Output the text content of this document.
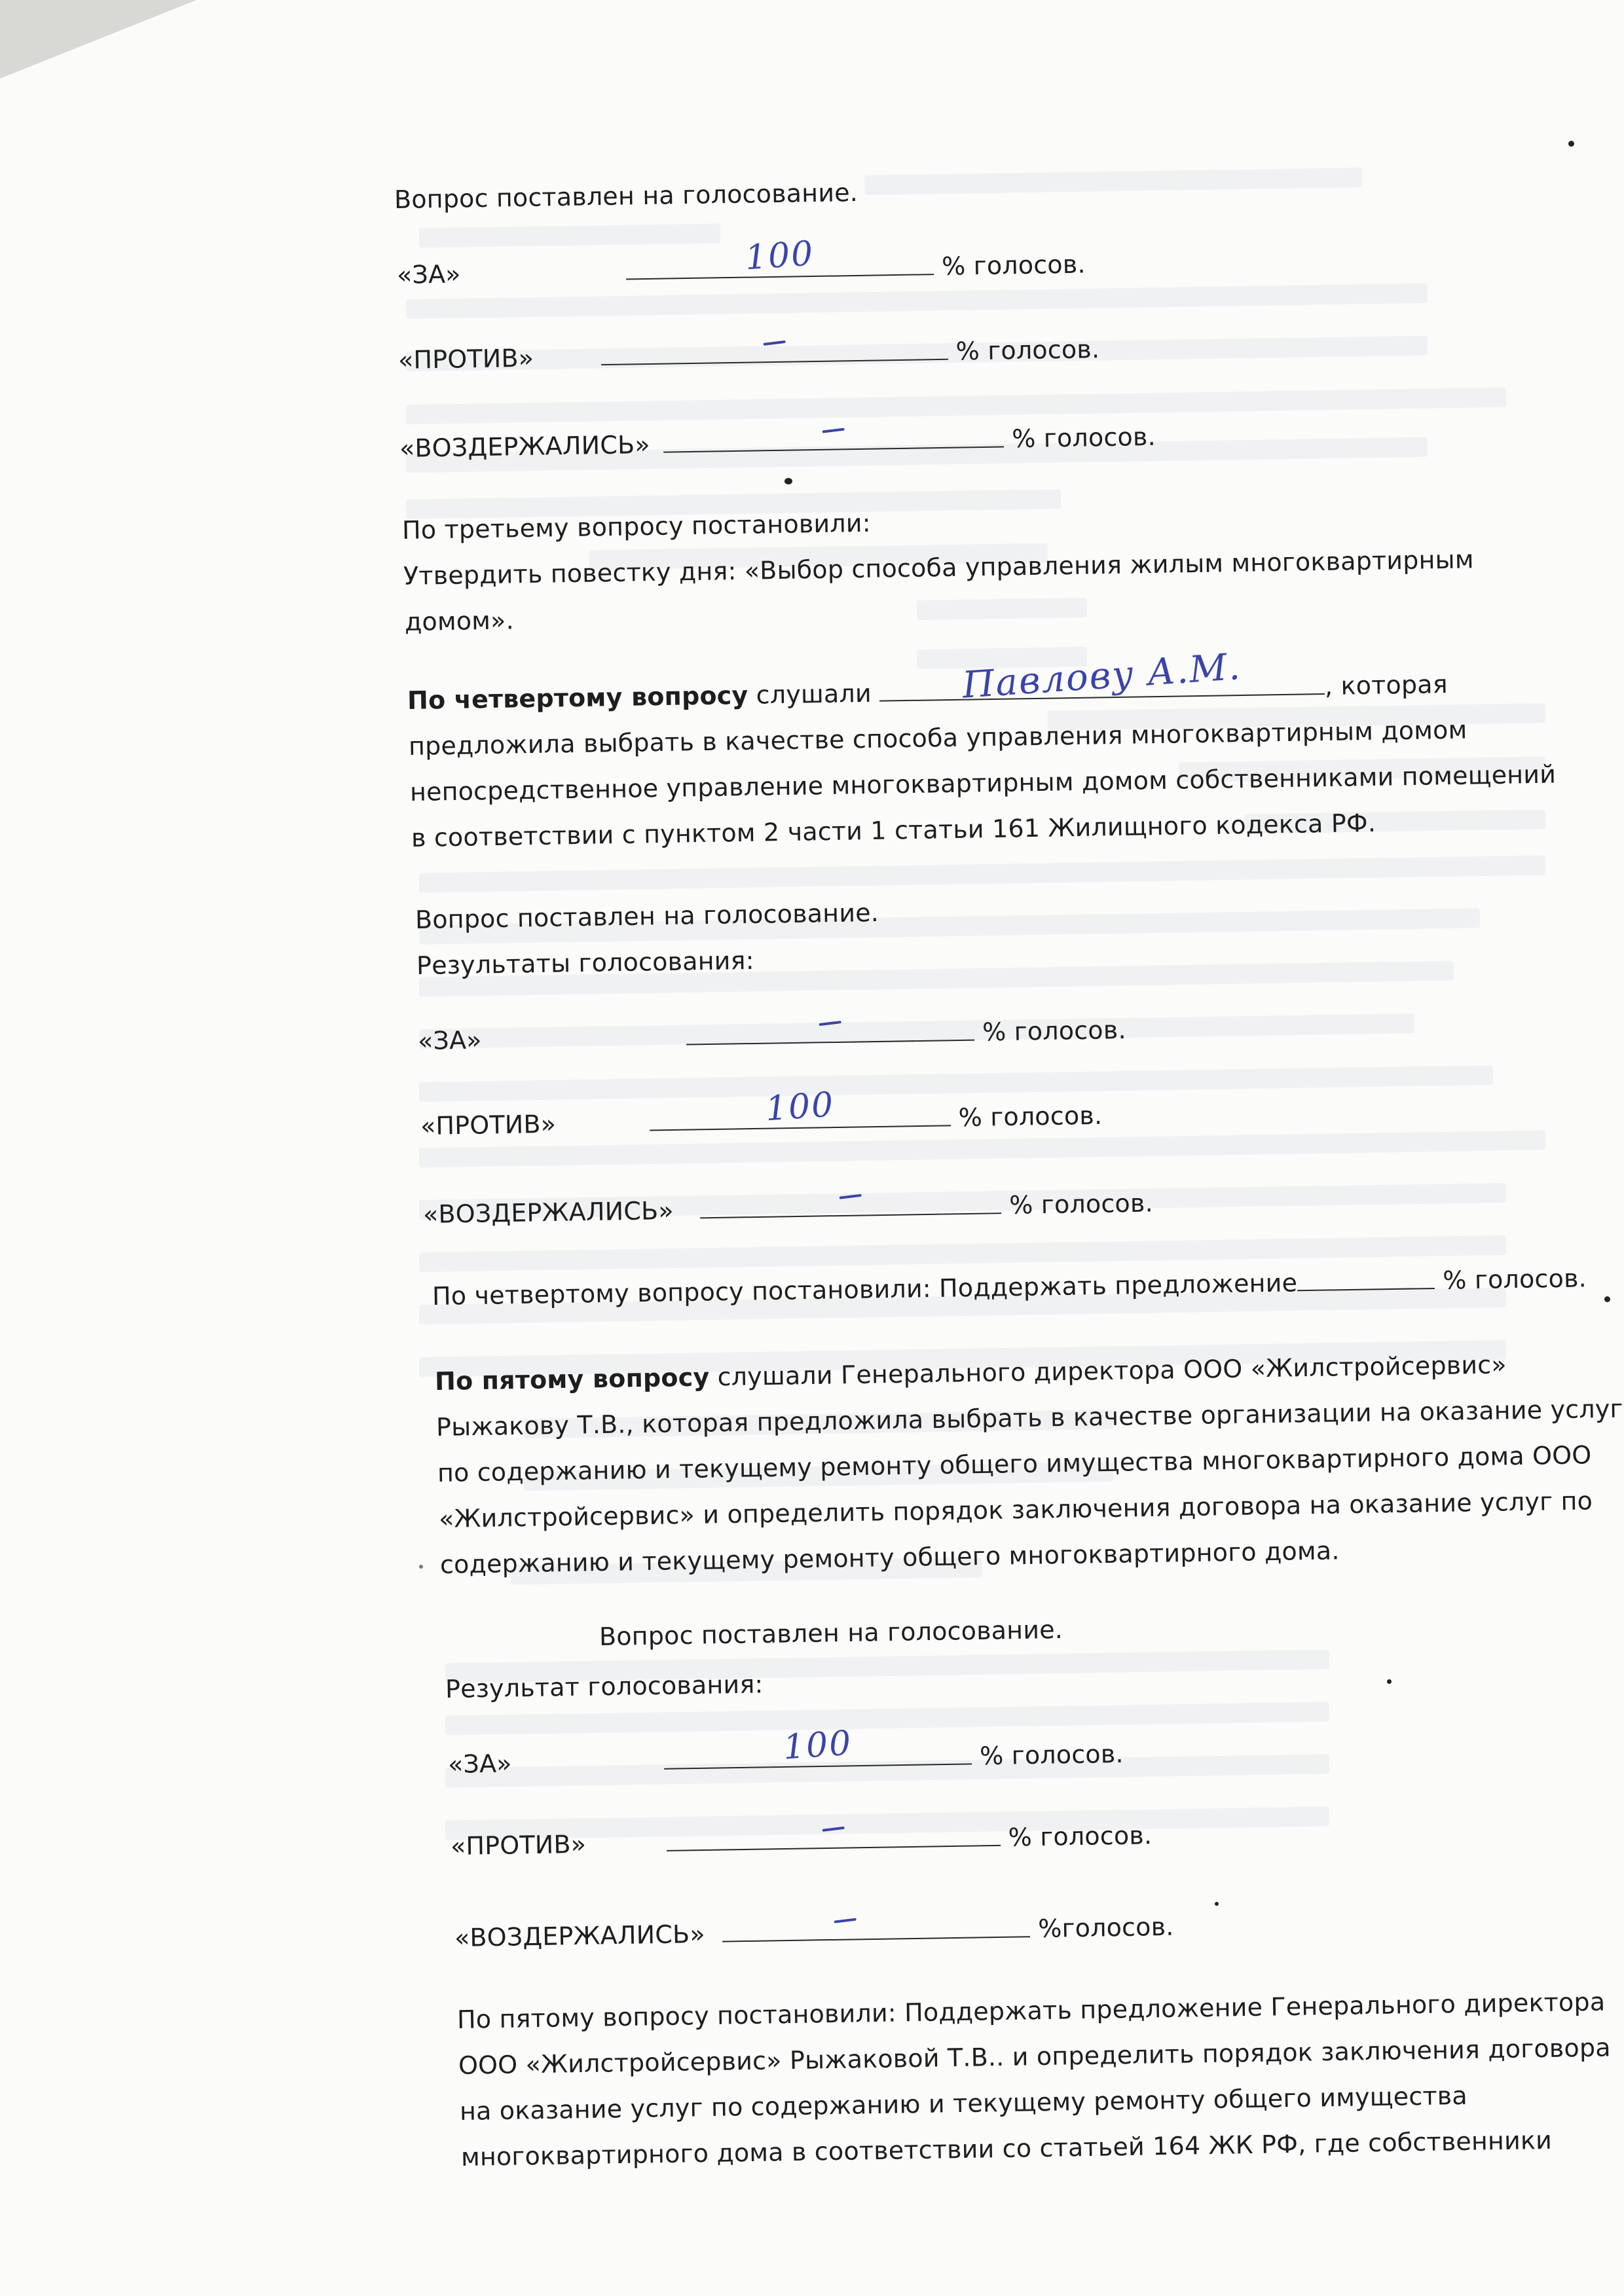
Вопрос поставлен на голосование.
«ЗА»	100	% голосов.
«ПРОТИВ»	% голосов.
«ВОЗДЕРЖАЛИСЬ»	% голосов.
По третьему вопросу постановили:
Утвердить повестку дня: «Выбор способа управления жилым многоквартирным
домом».
По четвертому вопросу слушали Павлову А.М.	, которая
предложила выбрать в качестве способа управления многоквартирным домом
непосредственное управление многоквартирным домом собственниками помещений
в соответствии с пунктом 2 части 1 статьи 161 Жилищного кодекса РФ.
Вопрос поставлен на голосование.
Результаты голосования:
«ЗА»	% голосов.
«ПРОТИВ»	100	% голосов.
«ВОЗДЕРЖАЛИСЬ»	% голосов.
По четвертому вопросу постановили: Поддержать предложение	% голосов.
По пятому вопросу слушали Генерального директора ООО «Жилстройсервис»
Рыжакову Т.В., которая предложила выбрать в качестве организации на оказание услуг
по содержанию и текущему ремонту общего имущества многоквартирного дома ООО
«Жилстройсервис» и определить порядок заключения договора на оказание услуг по
содержанию и текущему ремонту общего многоквартирного дома.
Вопрос поставлен на голосование.
Результат голосования:
«ЗА»	100	% голосов.
«ПРОТИВ»	% голосов.
«ВОЗДЕРЖАЛИСЬ»	%голосов.
По пятому вопросу постановили: Поддержать предложение Генерального директора
ООО «Жилстройсервис» Рыжаковой Т.В.. и определить порядок заключения договора
на оказание услуг по содержанию и текущему ремонту общего имущества
многоквартирного дома в соответствии со статьей 164 ЖК РФ, где собственники
